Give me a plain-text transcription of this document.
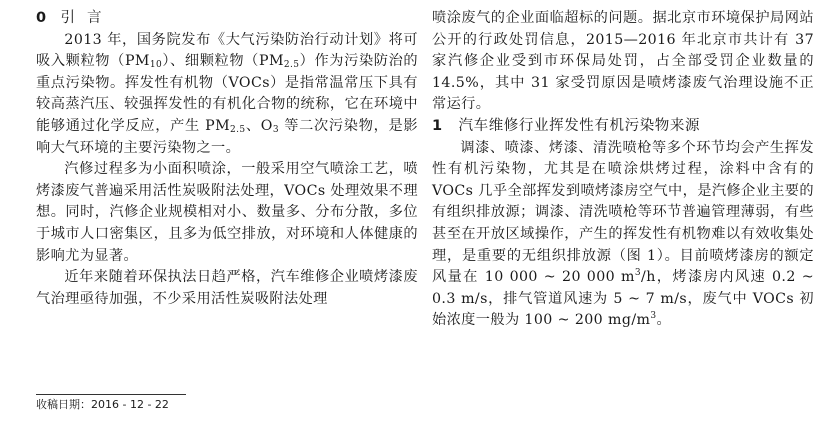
0 引言

2013 年，国务院发布《大气污染防治行动计划》将可吸入颗粒物$(PM_{10})$、细颗粒物$(PM_{2.5})$作为污染防治的重点污染物。挥发性有机物（VOCs）是指常温常压下具有较高蒸汽压、较强挥发性的有机化合物的统称，它在环境中能够通过化学反应，产生 $PM_{2.5}$、$O_3$ 等二次污染物，是影响大气环境的主要污染物之一。

汽修过程多为小面积喷涂，一般采用空气喷涂工艺，喷烤漆废气普遍采用活性炭吸附法处理，VOCs 处理效果不理想。同时，汽修企业规模相对小、数量多、分布分散，多位于城市人口密集区，且多为低空排放，对环境和人体健康的影响尤为显著。

近年来随着环保执法日趋严格，汽车维修企业喷烤漆废气治理亟待加强，不少采用活性炭吸附法处理

喷涂废气的企业面临超标的问题。据北京市环境保护局网站公开的行政处罚信息，2015—2016 年北京市共计有 37 家汽修企业受到市环保局处罚，占全部受罚企业数量的 14.5%，其中 31 家受罚原因是喷烤漆废气治理设施不正常运行。

1 汽车维修行业挥发性有机污染物来源

调漆、喷漆、烤漆、清洗喷枪等多个环节均会产生挥发性有机污染物，尤其是在喷涂烘烤过程，涂料中含有的 VOCs 几乎全部挥发到喷烤漆房空气中，是汽修企业主要的有组织排放源；调漆、清洗喷枪等环节普遍管理薄弱，有些甚至在开放区域操作，产生的挥发性有机物难以有效收集处理，是重要的无组织排放源（图 1）。目前喷烤漆房的额定风量在 10 000 ~ 20 000 $m^3/h$，烤漆房内风速 0.2 ~ 0.3 m/s，排气管道风速为 5 ~ 7 m/s，废气中 VOCs 初始浓度一般为 100 ~ 200 $mg/m^3$。

收稿日期：2016 - 12 - 22
